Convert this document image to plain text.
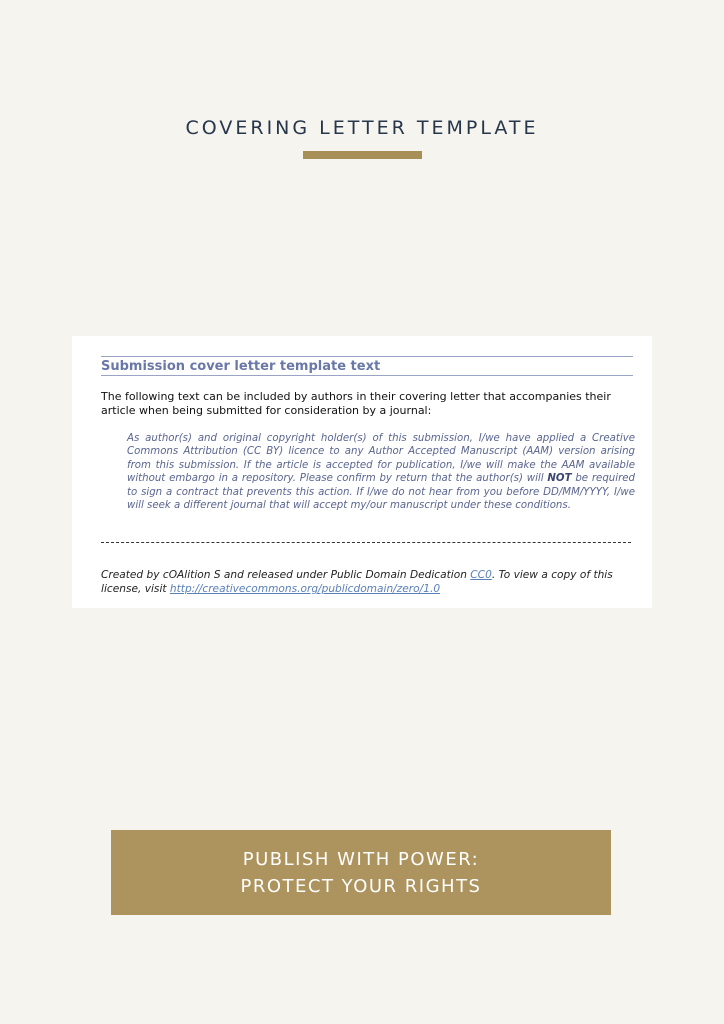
COVERING LETTER TEMPLATE
Submission cover letter template text
The following text can be included by authors in their covering letter that accompanies their article when being submitted for consideration by a journal:
As author(s) and original copyright holder(s) of this submission, I/we have applied a Creative Commons Attribution (CC BY) licence to any Author Accepted Manuscript (AAM) version arising from this submission. If the article is accepted for publication, I/we will make the AAM available without embargo in a repository. Please confirm by return that the author(s) will NOT be required to sign a contract that prevents this action. If I/we do not hear from you before DD/MM/YYYY, I/we will seek a different journal that will accept my/our manuscript under these conditions.
Created by cOAlition S and released under Public Domain Dedication CC0. To view a copy of this license, visit http://creativecommons.org/publicdomain/zero/1.0
PUBLISH WITH POWER:
PROTECT YOUR RIGHTS
